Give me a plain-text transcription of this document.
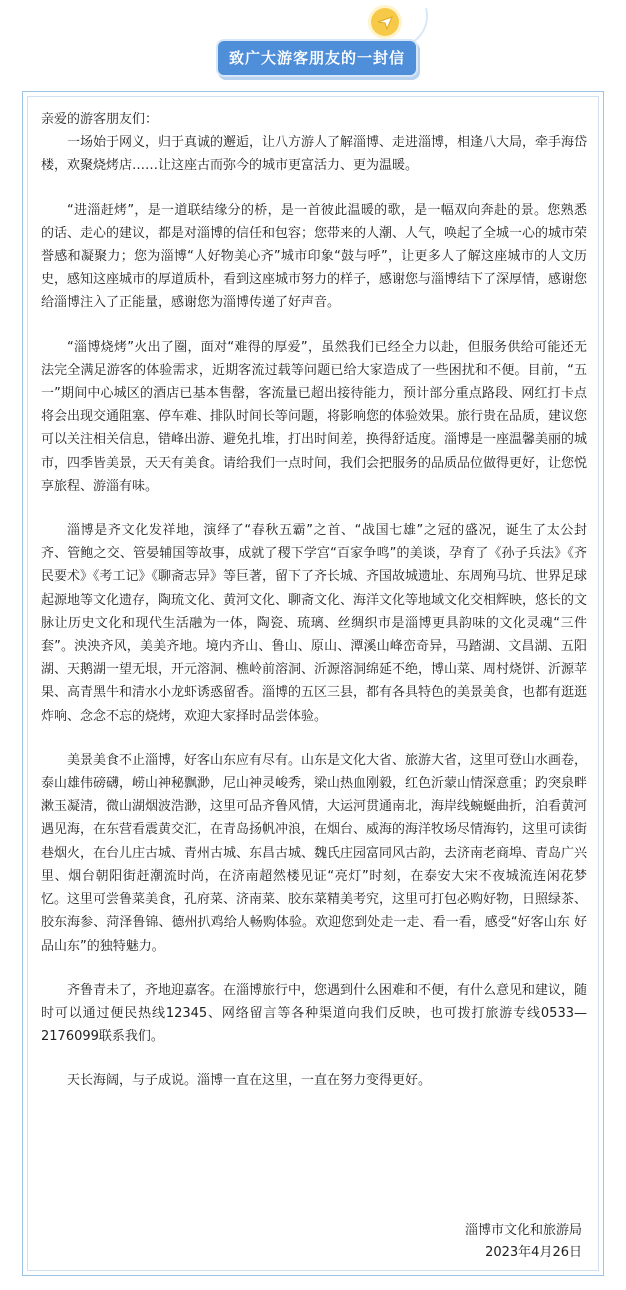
致广大游客朋友的一封信

亲爱的游客朋友们：

一场始于网义，归于真诚的邂逅，让八方游人了解淄博、走进淄博，相逢八大局，牵手海岱楼，欢聚烧烤店……让这座古而弥今的城市更富活力、更为温暖。

“进淄赶烤”，是一道联结缘分的桥，是一首彼此温暖的歌，是一幅双向奔赴的景。您熟悉的话、走心的建议，都是对淄博的信任和包容；您带来的人潮、人气，唤起了全城一心的城市荣誉感和凝聚力；您为淄博“人好物美心齐”城市印象“鼓与呼”，让更多人了解这座城市的人文历史，感知这座城市的厚道质朴，看到这座城市努力的样子，感谢您与淄博结下了深厚情，感谢您给淄博注入了正能量，感谢您为淄博传递了好声音。

“淄博烧烤”火出了圈，面对“难得的厚爱”，虽然我们已经全力以赴，但服务供给可能还无法完全满足游客的体验需求，近期客流过载等问题已给大家造成了一些困扰和不便。目前，“五一”期间中心城区的酒店已基本售罄，客流量已超出接待能力，预计部分重点路段、网红打卡点将会出现交通阻塞、停车难、排队时间长等问题，将影响您的体验效果。旅行贵在品质，建议您可以关注相关信息，错峰出游、避免扎堆，打出时间差，换得舒适度。淄博是一座温馨美丽的城市，四季皆美景，天天有美食。请给我们一点时间，我们会把服务的品质品位做得更好，让您悦享旅程、游淄有味。

淄博是齐文化发祥地，演绎了“春秋五霸”之首、“战国七雄”之冠的盛况，诞生了太公封齐、管鲍之交、管晏辅国等故事，成就了稷下学宫“百家争鸣”的美谈，孕育了《孙子兵法》《齐民要术》《考工记》《聊斋志异》等巨著，留下了齐长城、齐国故城遗址、东周殉马坑、世界足球起源地等文化遗存，陶琉文化、黄河文化、聊斋文化、海洋文化等地域文化交相辉映，悠长的文脉让历史文化和现代生活融为一体，陶瓷、琉璃、丝绸织市是淄博更具韵味的文化灵魂“三件套”。泱泱齐风，美美齐地。境内齐山、鲁山、原山、潭溪山峰峦奇异，马踏湖、文昌湖、五阳湖、天鹅湖一望无垠，开元溶洞、樵岭前溶洞、沂源溶洞绵延不绝，博山菜、周村烧饼、沂源苹果、高青黑牛和清水小龙虾诱惑留香。淄博的五区三县，都有各具特色的美景美食，也都有逛逛炸响、念念不忘的烧烤，欢迎大家择时品尝体验。

美景美食不止淄博，好客山东应有尽有。山东是文化大省、旅游大省，这里可登山水画卷，泰山雄伟磅礴，崂山神秘飘渺，尼山神灵峻秀，梁山热血刚毅，红色沂蒙山情深意重；趵突泉畔漱玉凝清，微山湖烟波浩渺，这里可品齐鲁风情，大运河贯通南北，海岸线蜿蜒曲折，泊看黄河遇见海，在东营看震黄交汇，在青岛扬帆冲浪，在烟台、威海的海洋牧场尽情海钓，这里可读街巷烟火，在台儿庄古城、青州古城、东昌古城、魏氏庄园富同风古韵，去济南老商埠、青岛广兴里、烟台朝阳街赶潮流时尚，在济南超然楼见证“亮灯”时刻，在泰安大宋不夜城流连闲花梦忆。这里可尝鲁菜美食，孔府菜、济南菜、胶东菜精美考究，这里可打包必购好物，日照绿茶、胶东海参、菏泽鲁锦、德州扒鸡给人畅购体验。欢迎您到处走一走、看一看，感受“好客山东 好品山东”的独特魅力。

齐鲁青未了，齐地迎嘉客。在淄博旅行中，您遇到什么困难和不便，有什么意见和建议，随时可以通过便民热线12345、网络留言等各种渠道向我们反映，也可拨打旅游专线0533—2176099联系我们。

天长海阔，与子成说。淄博一直在这里，一直在努力变得更好。

淄博市文化和旅游局
2023年4月26日
